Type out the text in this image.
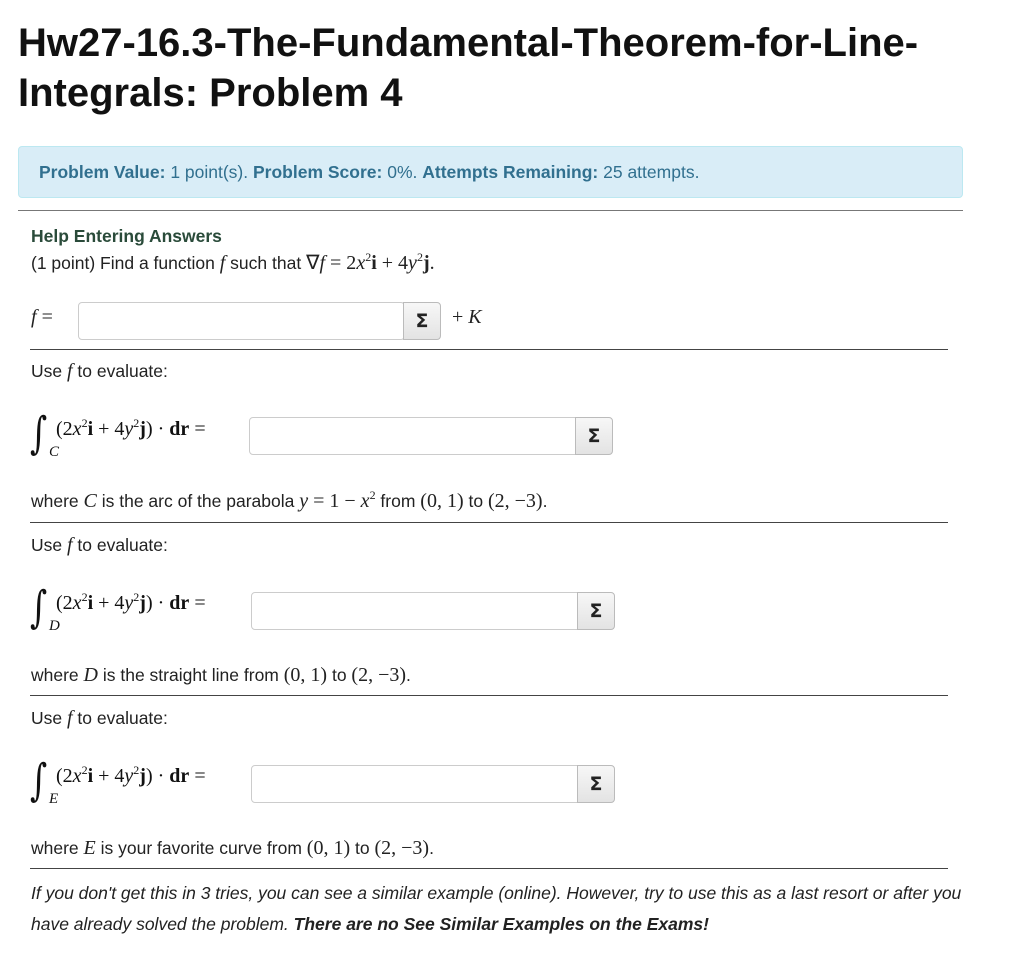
Hw27-16.3-The-Fundamental-Theorem-for-Line-Integrals: Problem 4
Problem Value: 1 point(s). Problem Score: 0%. Attempts Remaining: 25 attempts.
Help Entering Answers
(1 point) Find a function f such that $\nabla f = 2x^2i + 4y^2j$.
f =	Σ	+ K
Use f to evaluate:
∫ C
$(2x^2i + 4y^2j)$ · dr =	Σ
where C is the arc of the parabola $y = 1 - x^2$ from (0, 1) to (2, −3).
Use f to evaluate:
∫ D
$(2x^2i + 4y^2j)$ · dr =	Σ
where D is the straight line from (0, 1) to (2, −3).
Use f to evaluate:
∫ E
$(2x^2i + 4y^2j)$ · dr =	Σ
where E is your favorite curve from (0, 1) to (2, −3).
If you don't get this in 3 tries, you can see a similar example (online). However, try to use this as a last resort or after you have already solved the problem. There are no See Similar Examples on the Exams!
